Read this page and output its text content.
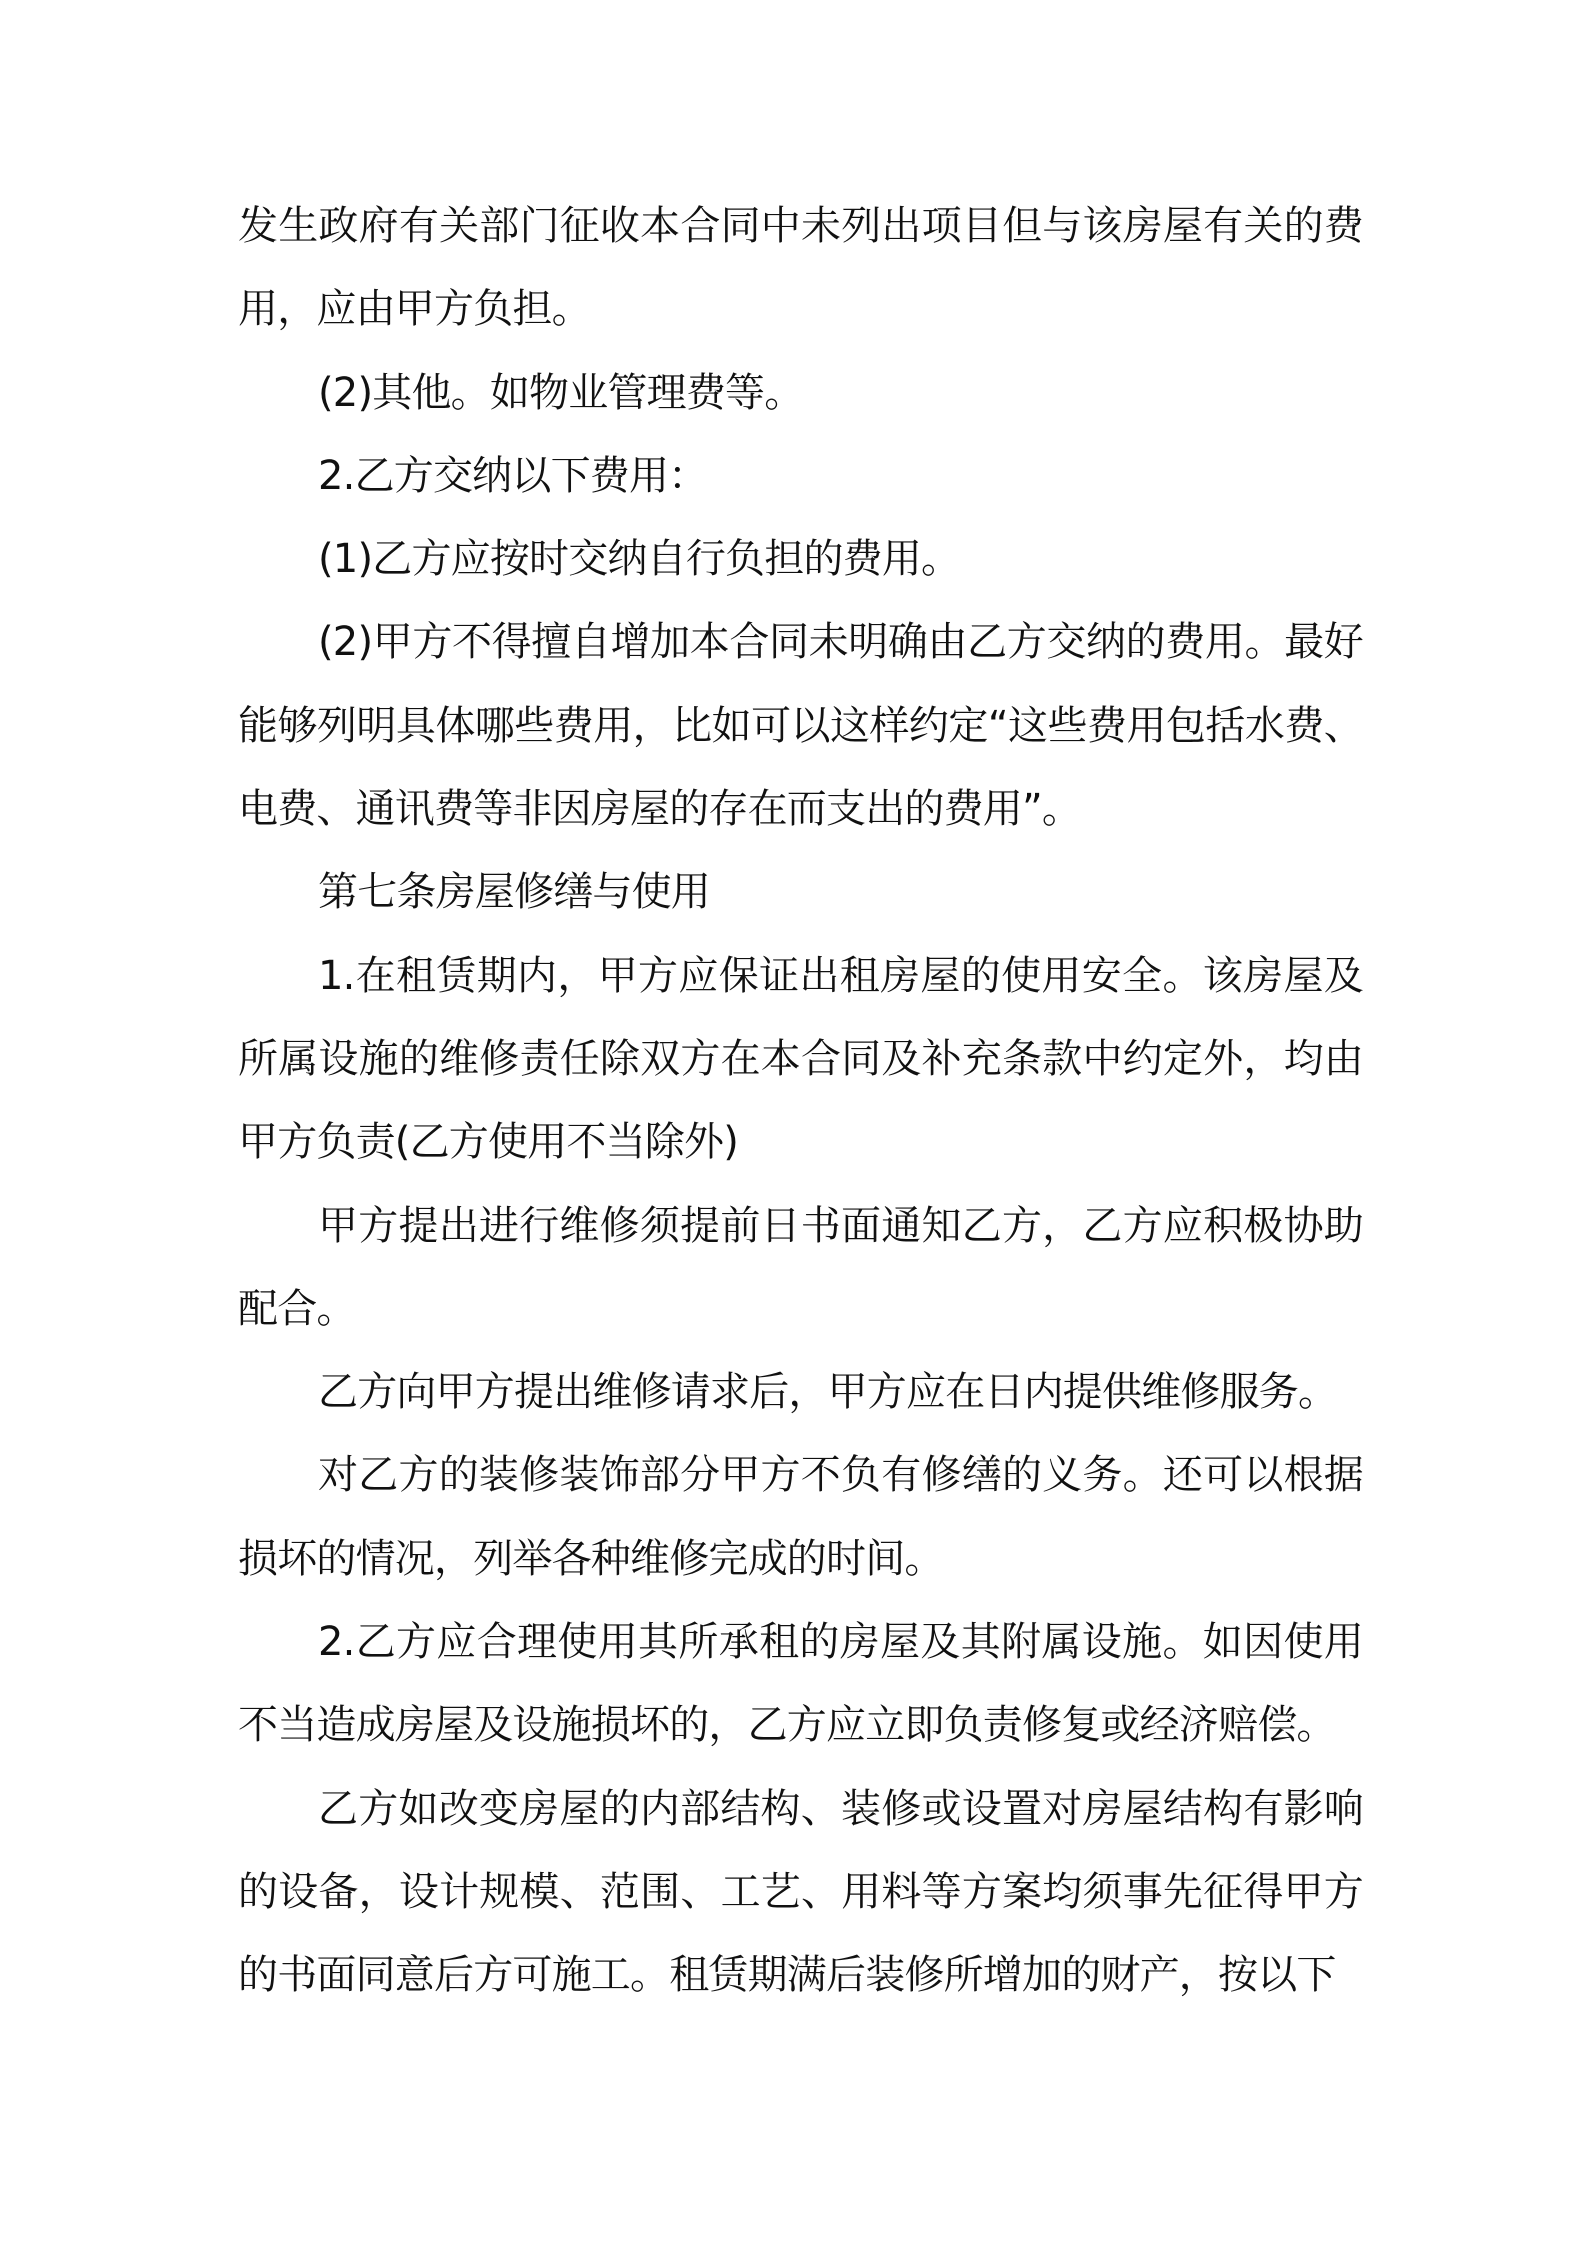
发生政府有关部门征收本合同中未列出项目但与该房屋有关的费用，应由甲方负担。

(2)其他。如物业管理费等。

2.乙方交纳以下费用：

(1)乙方应按时交纳自行负担的费用。

(2)甲方不得擅自增加本合同未明确由乙方交纳的费用。最好能够列明具体哪些费用，比如可以这样约定“这些费用包括水费、电费、通讯费等非因房屋的存在而支出的费用”。

第七条房屋修缮与使用

1.在租赁期内，甲方应保证出租房屋的使用安全。该房屋及所属设施的维修责任除双方在本合同及补充条款中约定外，均由甲方负责(乙方使用不当除外)

甲方提出进行维修须提前日书面通知乙方，乙方应积极协助配合。

乙方向甲方提出维修请求后，甲方应在日内提供维修服务。

对乙方的装修装饰部分甲方不负有修缮的义务。还可以根据损坏的情况，列举各种维修完成的时间。

2.乙方应合理使用其所承租的房屋及其附属设施。如因使用不当造成房屋及设施损坏的，乙方应立即负责修复或经济赔偿。

乙方如改变房屋的内部结构、装修或设置对房屋结构有影响的设备，设计规模、范围、工艺、用料等方案均须事先征得甲方的书面同意后方可施工。租赁期满后装修所增加的财产，按以下
